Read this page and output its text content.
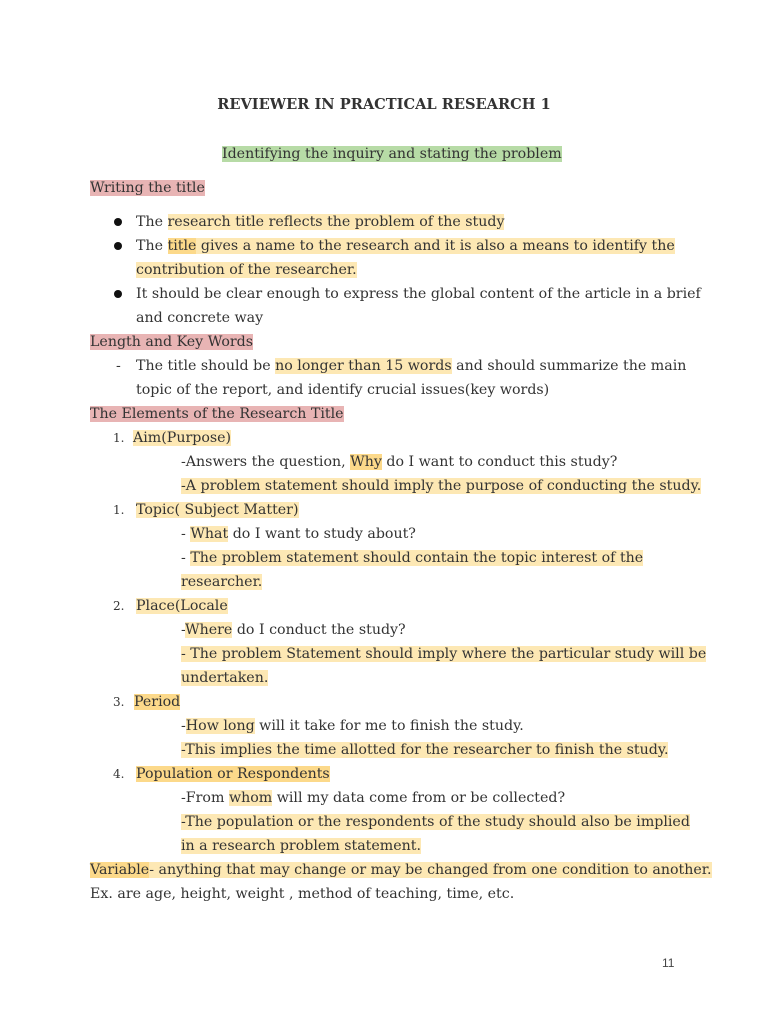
REVIEWER IN PRACTICAL RESEARCH 1
Identifying the inquiry and stating the problem
Writing the title
The research title reflects the problem of the study
The title gives a name to the research and it is also a means to identify the
contribution of the researcher.
It should be clear enough to express the global content of the article in a brief
and concrete way
Length and Key Words
- The title should be no longer than 15 words and should summarize the main
topic of the report, and identify crucial issues(key words)
The Elements of the Research Title
1. Aim(Purpose)
-Answers the question, Why do I want to conduct this study?
-A problem statement should imply the purpose of conducting the study.
1. Topic( Subject Matter)
- What do I want to study about?
- The problem statement should contain the topic interest of the
researcher.
2. Place(Locale
-Where do I conduct the study?
- The problem Statement should imply where the particular study will be
undertaken.
3. Period
-How long will it take for me to finish the study.
-This implies the time allotted for the researcher to finish the study.
4. Population or Respondents
-From whom will my data come from or be collected?
-The population or the respondents of the study should also be implied
in a research problem statement.
Variable- anything that may change or may be changed from one condition to another.
Ex. are age, height, weight , method of teaching, time, etc.
11
